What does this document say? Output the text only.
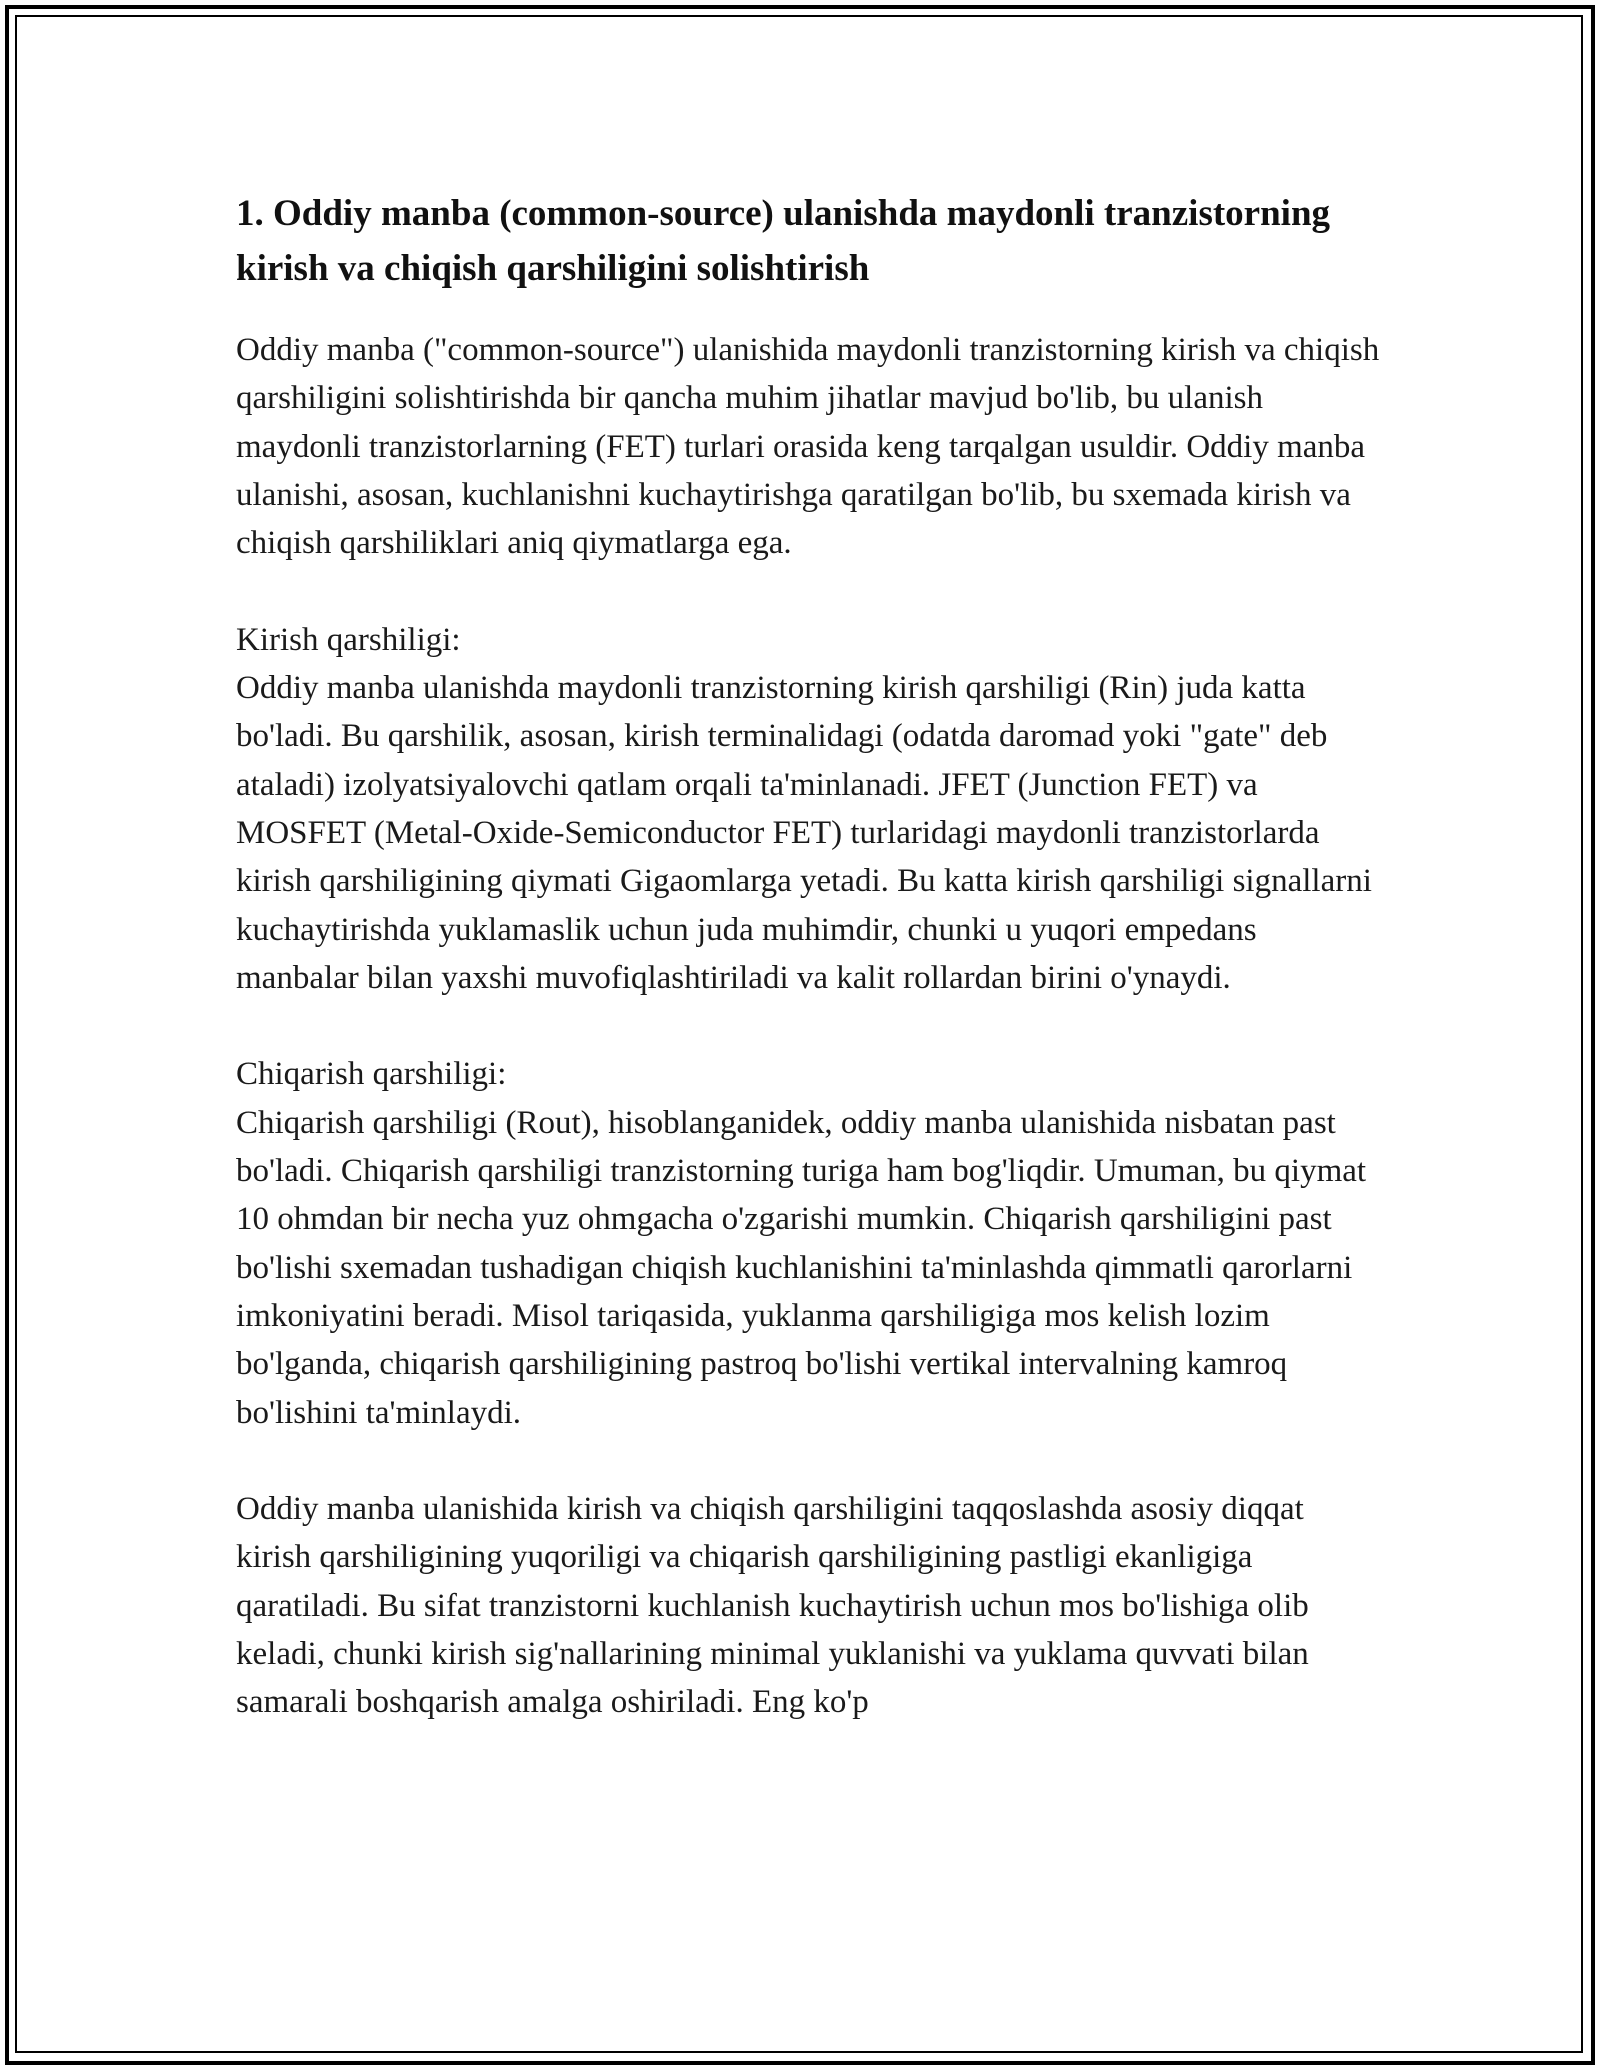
1. Oddiy manba (common-source) ulanishda maydonli tranzistorning kirish va chiqish qarshiligini solishtirish

Oddiy manba ("common-source") ulanishida maydonli tranzistorning kirish va chiqish qarshiligini solishtirishda bir qancha muhim jihatlar mavjud bo'lib, bu ulanish maydonli tranzistorlarning (FET) turlari orasida keng tarqalgan usuldir. Oddiy manba ulanishi, asosan, kuchlanishni kuchaytirishga qaratilgan bo'lib, bu sxemada kirish va chiqish qarshiliklari aniq qiymatlarga ega.

Kirish qarshiligi:

Oddiy manba ulanishda maydonli tranzistorning kirish qarshiligi (Rin) juda katta bo'ladi. Bu qarshilik, asosan, kirish terminalidagi (odatda daromad yoki "gate" deb ataladi) izolyatsiyalovchi qatlam orqali ta'minlanadi. JFET (Junction FET) va MOSFET (Metal-Oxide-Semiconductor FET) turlaridagi maydonli tranzistorlarda kirish qarshiligining qiymati Gigaomlarga yetadi. Bu katta kirish qarshiligi signallarni kuchaytirishda yuklamaslik uchun juda muhimdir, chunki u yuqori empedans manbalar bilan yaxshi muvofiqlashtiriladi va kalit rollardan birini o'ynaydi.

Chiqarish qarshiligi:

Chiqarish qarshiligi (Rout), hisoblanganidek, oddiy manba ulanishida nisbatan past bo'ladi. Chiqarish qarshiligi tranzistorning turiga ham bog'liqdir. Umuman, bu qiymat 10 ohmdan bir necha yuz ohmgacha o'zgarishi mumkin. Chiqarish qarshiligini past bo'lishi sxemadan tushadigan chiqish kuchlanishini ta'minlashda qimmatli qarorlarni imkoniyatini beradi. Misol tariqasida, yuklanma qarshiligiga mos kelish lozim bo'lganda, chiqarish qarshiligining pastroq bo'lishi vertikal intervalning kamroq bo'lishini ta'minlaydi.

Oddiy manba ulanishida kirish va chiqish qarshiligini taqqoslashda asosiy diqqat kirish qarshiligining yuqoriligi va chiqarish qarshiligining pastligi ekanligiga qaratiladi. Bu sifat tranzistorni kuchlanish kuchaytirish uchun mos bo'lishiga olib keladi, chunki kirish sig'nallarining minimal yuklanishi va yuklama quvvati bilan samarali boshqarish amalga oshiriladi. Eng ko'p
